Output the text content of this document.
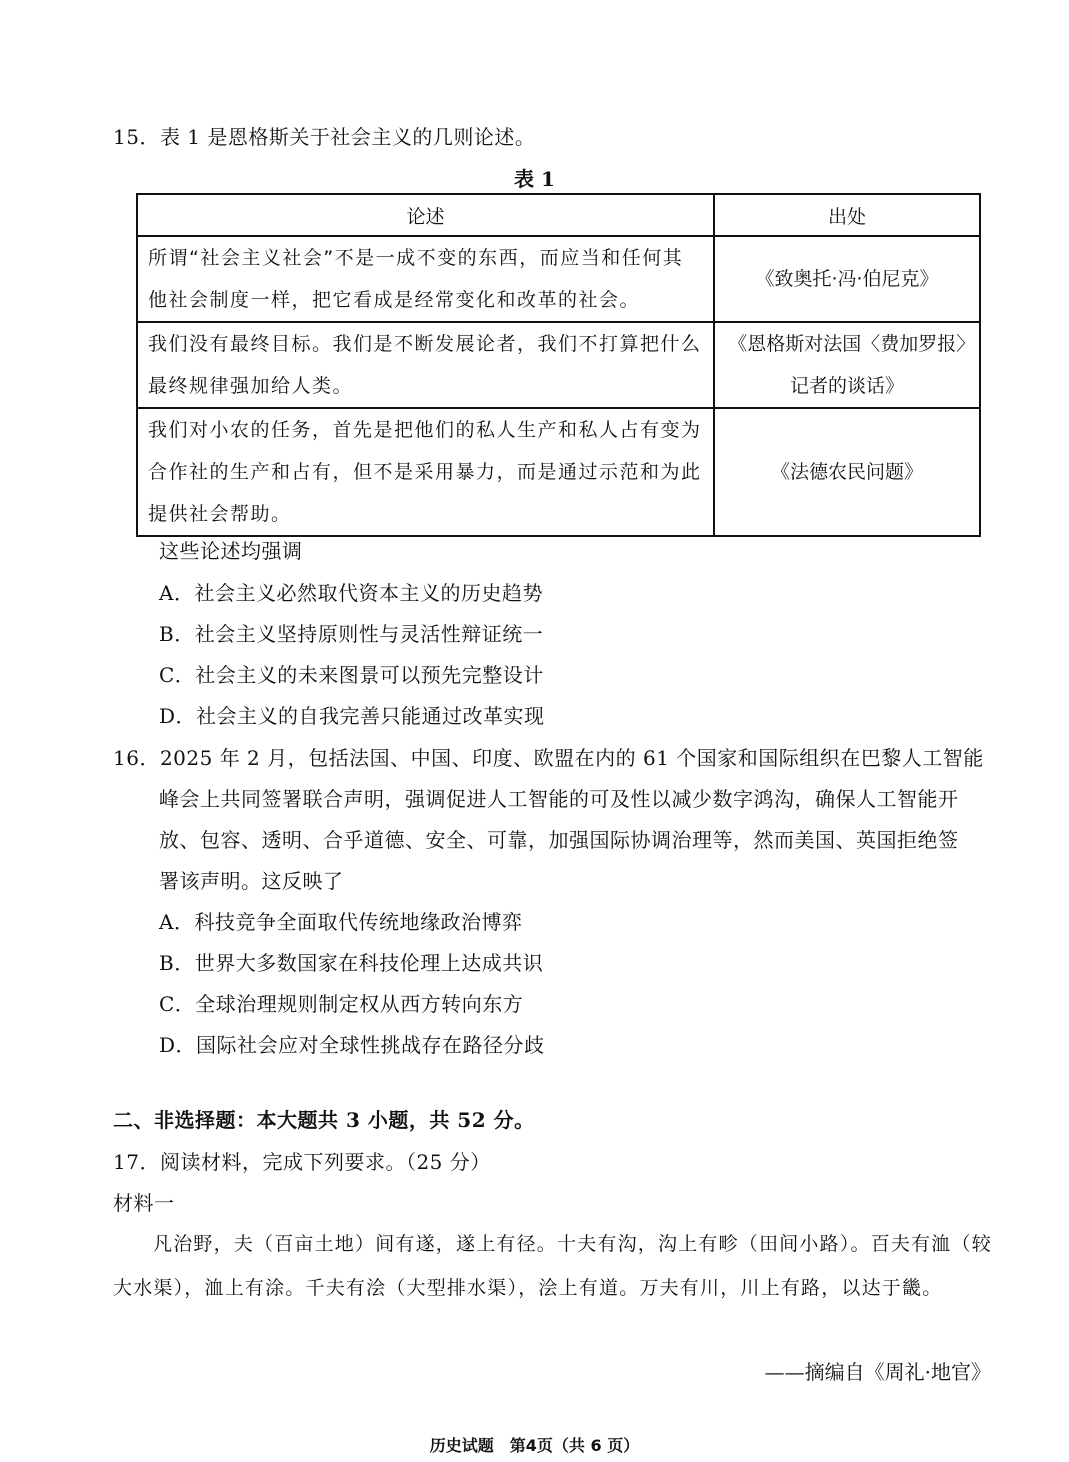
15．表 1 是恩格斯关于社会主义的几则论述。
表 1
论述	出处
所谓“社会主义社会”不是一成不变的东西，而应当和任何其他社会制度一样，把它看成是经常变化和改革的社会。	《致奥托·冯·伯尼克》
我们没有最终目标。我们是不断发展论者，我们不打算把什么最终规律强加给人类。	《恩格斯对法国〈费加罗报〉记者的谈话》
我们对小农的任务，首先是把他们的私人生产和私人占有变为合作社的生产和占有，但不是采用暴力，而是通过示范和为此提供社会帮助。	《法德农民问题》
这些论述均强调
A．社会主义必然取代资本主义的历史趋势
B．社会主义坚持原则性与灵活性辩证统一
C．社会主义的未来图景可以预先完整设计
D．社会主义的自我完善只能通过改革实现
16．2025 年 2 月，包括法国、中国、印度、欧盟在内的 61 个国家和国际组织在巴黎人工智能
峰会上共同签署联合声明，强调促进人工智能的可及性以减少数字鸿沟，确保人工智能开
放、包容、透明、合乎道德、安全、可靠，加强国际协调治理等，然而美国、英国拒绝签
署该声明。这反映了
A．科技竞争全面取代传统地缘政治博弈
B．世界大多数国家在科技伦理上达成共识
C．全球治理规则制定权从西方转向东方
D．国际社会应对全球性挑战存在路径分歧
二、非选择题：本大题共 3 小题，共 52 分。
17．阅读材料，完成下列要求。（25 分）
材料一
凡治野，夫（百亩土地）间有遂，遂上有径。十夫有沟，沟上有畛（田间小路）。百夫有洫（较大水渠），洫上有涂。千夫有浍（大型排水渠），浍上有道。万夫有川，川上有路，以达于畿。
——摘编自《周礼·地官》
历史试题　第4页（共 6 页）
